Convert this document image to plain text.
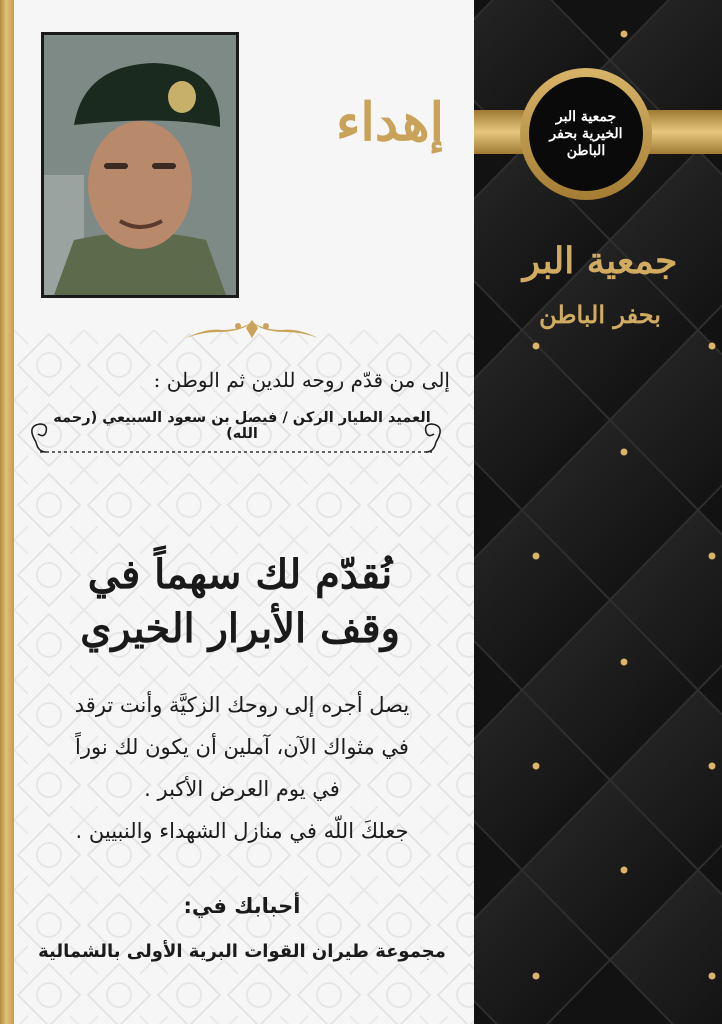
إهداء
إلى من قدّم روحه للدين ثم الوطن :
العميد الطيار الركن / فيصل بن سعود السبيعي (رحمه الله)
نُقدّم لك سهماً في
وقف الأبرار الخيري
يصل أجره إلى روحك الزكيَّة وأنت ترقد
في مثواك الآن، آملين أن يكون لك نوراً
في يوم العرض الأكبر .
جعلكَ اللّه في منازل الشهداء والنبيين .
أحبابك في:
مجموعة طيران القوات البرية الأولى بالشمالية
جمعية البر الخيرية بحفر الباطن
جمعية البر
بحفر الباطن
